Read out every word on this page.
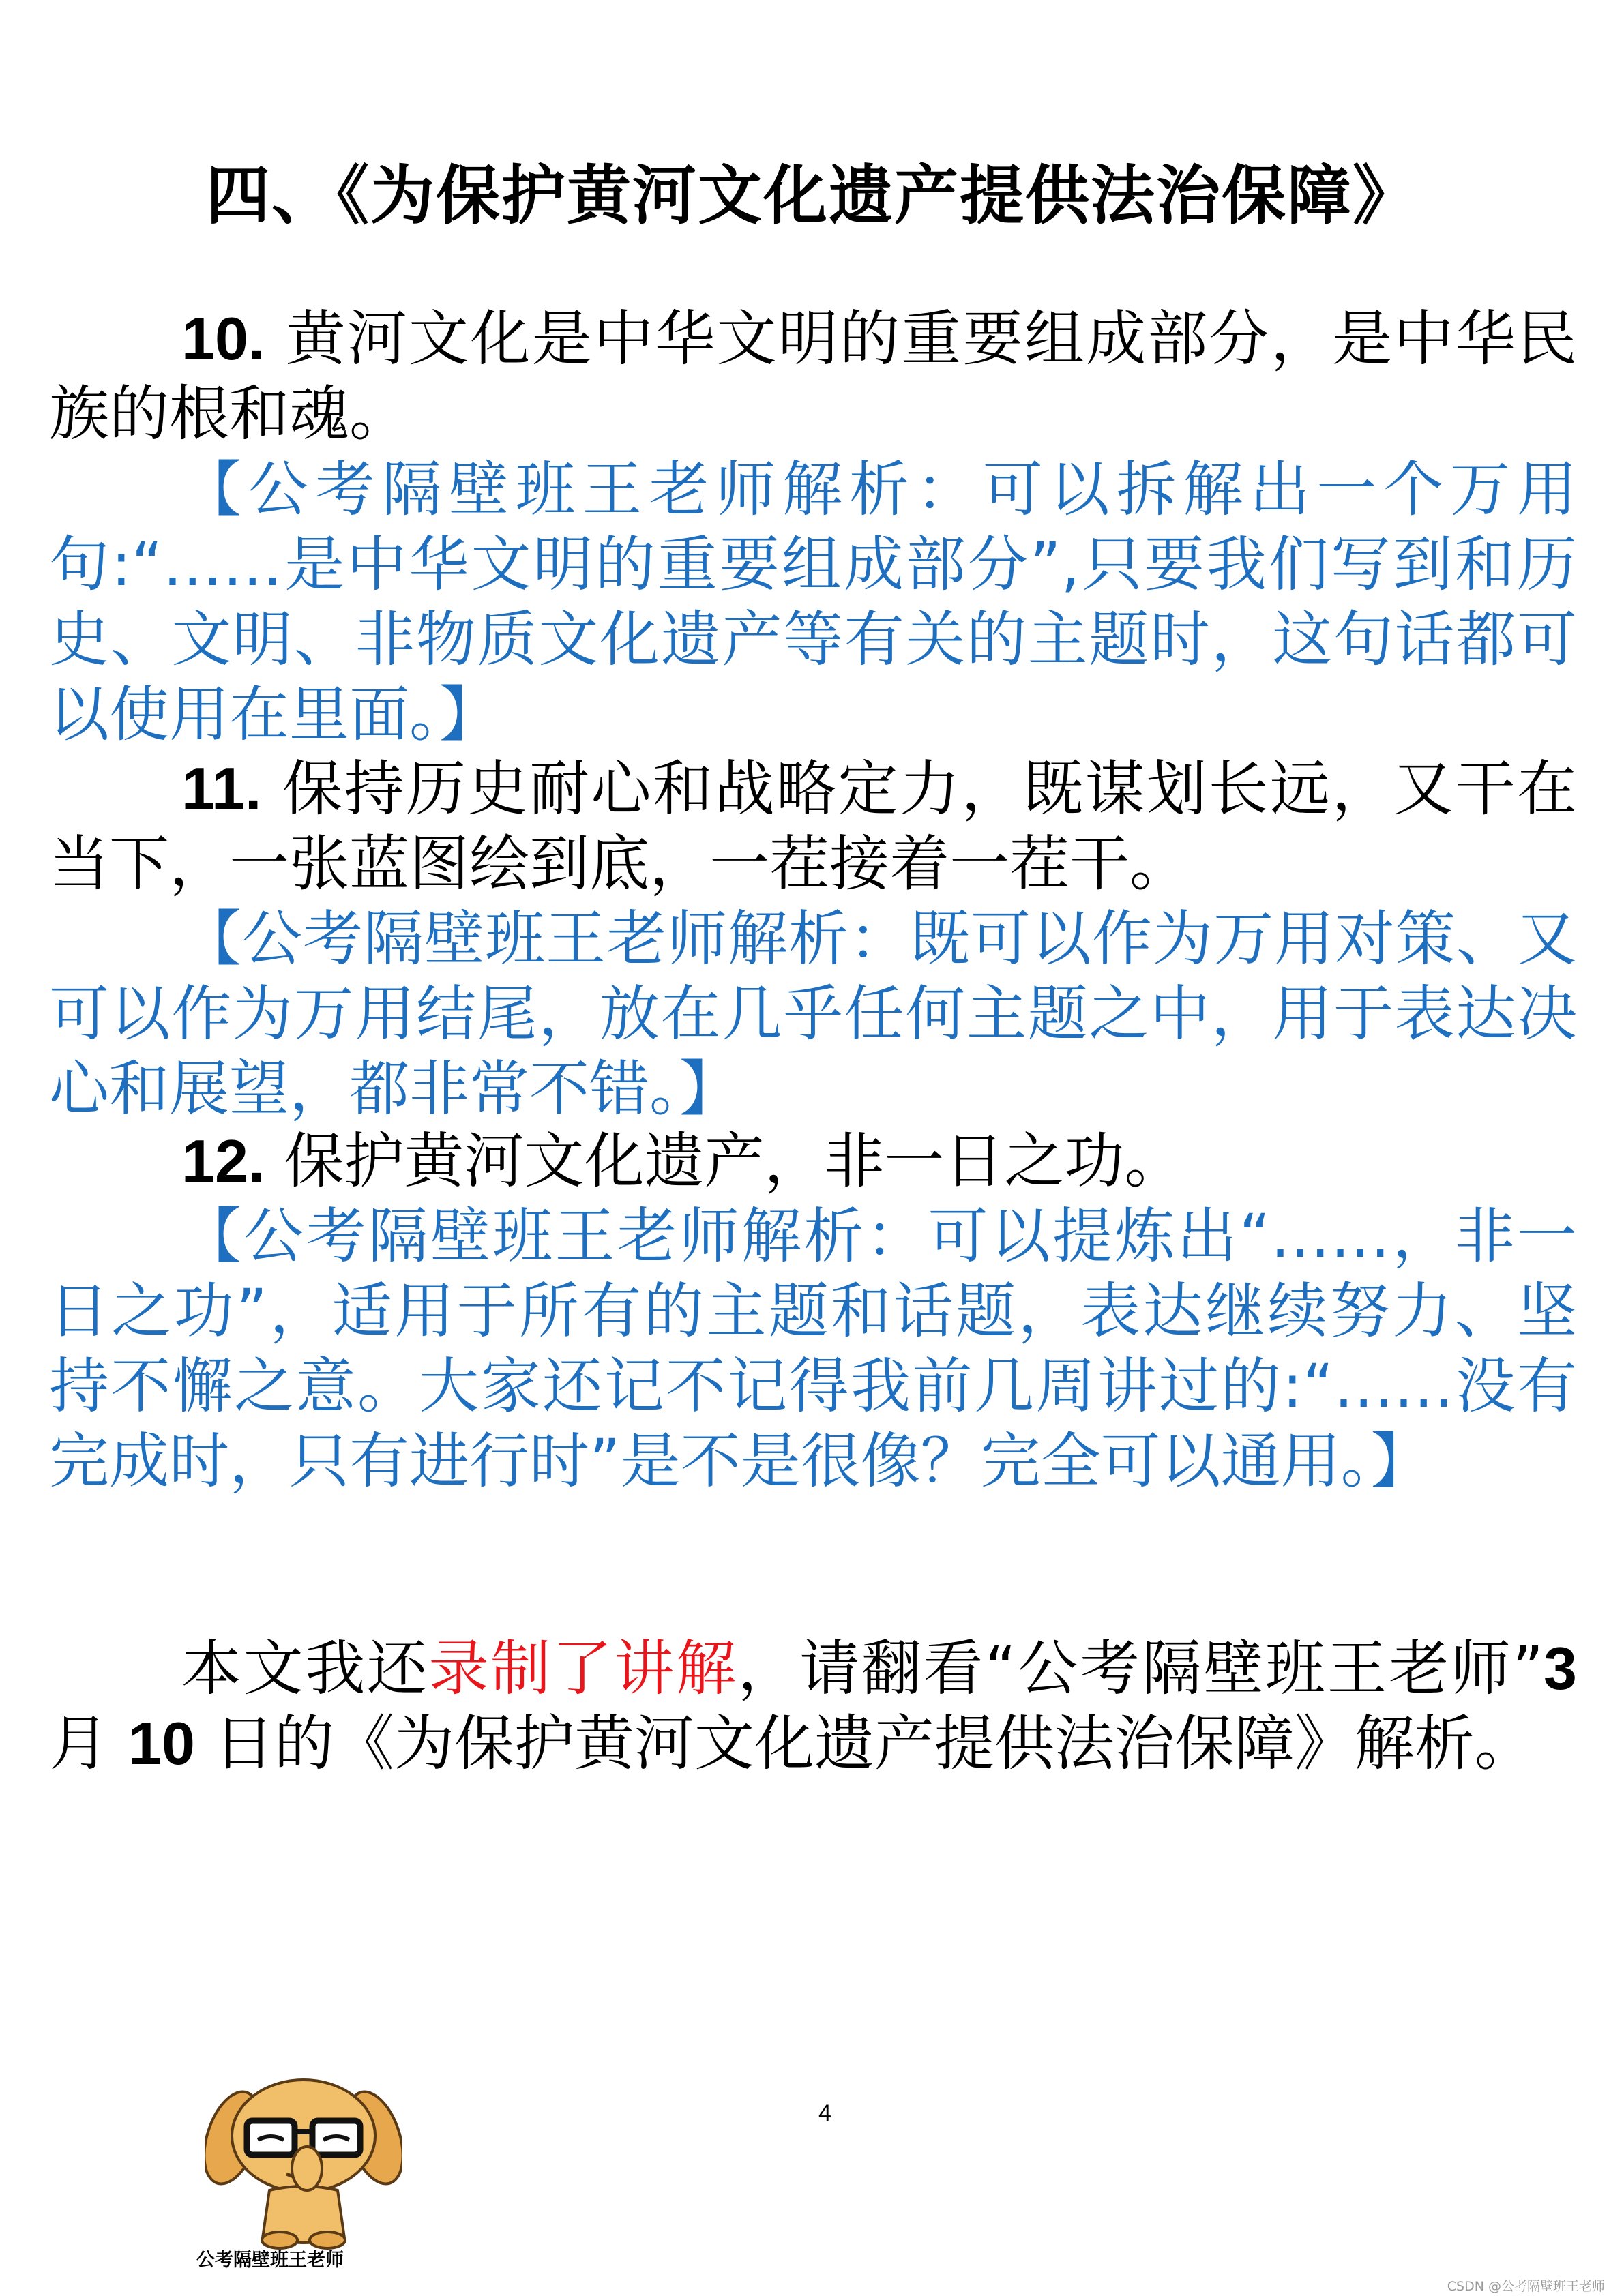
四、《为保护黄河文化遗产提供法治保障》

10. 黄河文化是中华文明的重要组成部分，是中华民族的根和魂。

【公考隔壁班王老师解析：可以拆解出一个万用句:“……是中华文明的重要组成部分”,只要我们写到和历史、文明、非物质文化遗产等有关的主题时，这句话都可以使用在里面。】

11. 保持历史耐心和战略定力，既谋划长远，又干在当下，一张蓝图绘到底，一茬接着一茬干。

【公考隔壁班王老师解析：既可以作为万用对策、又可以作为万用结尾，放在几乎任何主题之中，用于表达决心和展望，都非常不错。】

12. 保护黄河文化遗产，非一日之功。

【公考隔壁班王老师解析：可以提炼出“……，非一日之功”，适用于所有的主题和话题，表达继续努力、坚持不懈之意。大家还记不记得我前几周讲过的:“……没有完成时，只有进行时”是不是很像？完全可以通用。】

本文我还录制了讲解，请翻看“公考隔壁班王老师”3 月 10 日的《为保护黄河文化遗产提供法治保障》解析。

4
公考隔壁班王老师
CSDN @公考隔壁班王老师
